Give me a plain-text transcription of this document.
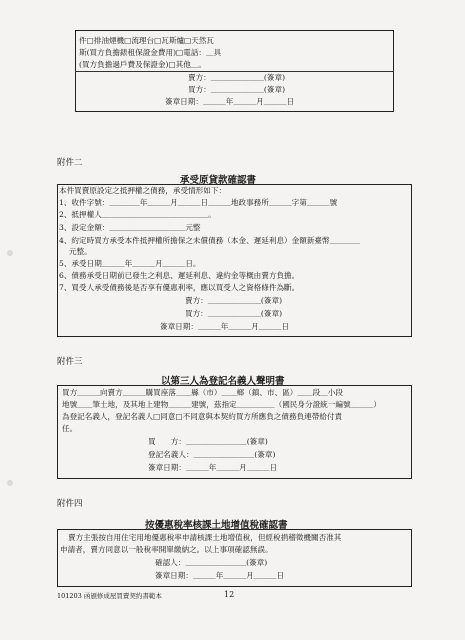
件□排油煙機□流理台□瓦斯爐□天然瓦
斯(買方負擔錶租保證金費用)□電話：＿具
(買方負擔過戶費及保證金)□其他＿。
賣方：＿＿＿＿＿＿＿(簽章)
買方：＿＿＿＿＿＿＿(簽章)
簽章日期：＿＿＿年＿＿＿月＿＿＿日
附件二
承受原貸款確認書
本件買賣原設定之抵押權之債務，承受情形如下：
1、收件字號：＿＿＿＿年＿＿＿月＿＿＿日＿＿＿地政事務所＿＿＿字第＿＿＿號
2、抵押權人＿＿＿＿＿＿＿＿＿＿＿＿＿＿。
3、設定金額：＿＿＿＿＿＿＿＿＿＿元整
4、約定時買方承受本件抵押權所擔保之未償債務（本金、遲延利息）金額新臺幣＿＿＿＿
元整。
5、承受日期＿＿＿年＿＿＿月＿＿＿日。
6、債務承受日期前已發生之利息、遲延利息、違約金等概由賣方負擔。
7、買受人承受債務後是否享有優惠利率，應以買受人之資格條件為斷。
賣方：＿＿＿＿＿＿＿(簽章)
買方：＿＿＿＿＿＿＿(簽章)
簽章日期：＿＿＿年＿＿＿月＿＿＿日
附件三
以第三人為登記名義人聲明書
買方＿＿＿向賣方＿＿＿購買座落＿＿縣（市）＿＿鄉（鎮、市、區）＿＿段＿小段
地號＿＿筆土地，及其地上建物＿＿＿建號，茲指定＿＿＿＿＿（國民身分證統一編號＿＿＿）
為登記名義人，登記名義人□同意□不同意與本契約買方所應負之債務負連帶給付責
任。
買　　方：＿＿＿＿＿＿＿＿(簽章)
登記名義人：＿＿＿＿＿＿＿＿(簽章)
簽章日期：＿＿＿年＿＿＿月＿＿＿日
附件四
按優惠稅率核課土地增值稅確認書
賣方主張按自用住宅用地優惠稅率申請核課土地增值稅，但經稅捐稽徵機關否准其
申請者，賣方同意以一般稅率開單繳納之。以上事項確認無誤。
確認人：＿＿＿＿＿＿＿＿(簽章)
簽章日期：＿＿＿年＿＿＿月＿＿＿日
101203 函頒修成屋買賣契約書範本	12
